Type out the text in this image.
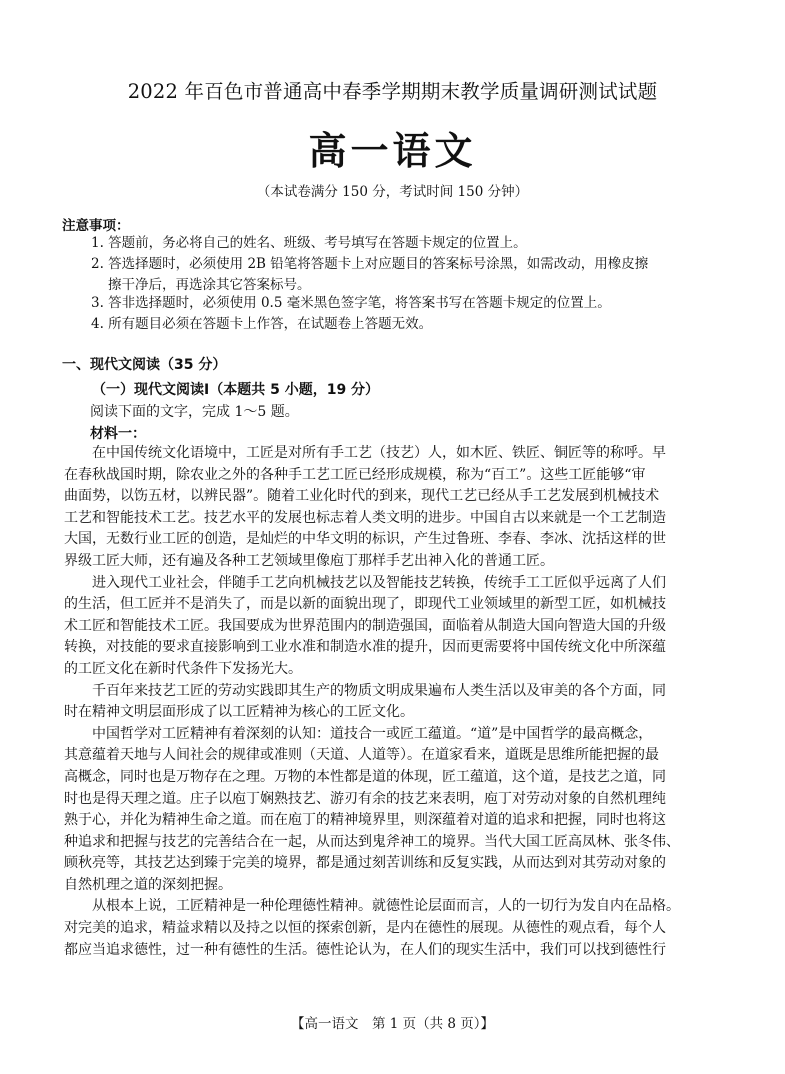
2022 年百色市普通高中春季学期期末教学质量调研测试试题
高一语文
（本试卷满分 150 分，考试时间 150 分钟）
注意事项：
1. 答题前，务必将自己的姓名、班级、考号填写在答题卡规定的位置上。
2. 答选择题时，必须使用 2B 铅笔将答题卡上对应题目的答案标号涂黑，如需改动，用橡皮擦
擦干净后，再选涂其它答案标号。
3. 答非选择题时，必须使用 0.5 毫米黑色签字笔，将答案书写在答题卡规定的位置上。
4. 所有题目必须在答题卡上作答，在试题卷上答题无效。
一、现代文阅读（35 分）
（一）现代文阅读Ⅰ（本题共 5 小题，19 分）
阅读下面的文字，完成 1～5 题。
材料一：

在中国传统文化语境中，工匠是对所有手工艺（技艺）人，如木匠、铁匠、铜匠等的称呼。早
在春秋战国时期，除农业之外的各种手工艺工匠已经形成规模，称为“百工”。这些工匠能够“审
曲面势，以饬五材，以辨民器”。随着工业化时代的到来，现代工艺已经从手工艺发展到机械技术
工艺和智能技术工艺。技艺水平的发展也标志着人类文明的进步。中国自古以来就是一个工艺制造
大国，无数行业工匠的创造，是灿烂的中华文明的标识，产生过鲁班、李春、李冰、沈括这样的世
界级工匠大师，还有遍及各种工艺领域里像庖丁那样手艺出神入化的普通工匠。

进入现代工业社会，伴随手工艺向机械技艺以及智能技艺转换，传统手工工匠似乎远离了人们
的生活，但工匠并不是消失了，而是以新的面貌出现了，即现代工业领域里的新型工匠，如机械技
术工匠和智能技术工匠。我国要成为世界范围内的制造强国，面临着从制造大国向智造大国的升级
转换，对技能的要求直接影响到工业水准和制造水准的提升，因而更需要将中国传统文化中所深蕴
的工匠文化在新时代条件下发扬光大。

千百年来技艺工匠的劳动实践即其生产的物质文明成果遍布人类生活以及审美的各个方面，同
时在精神文明层面形成了以工匠精神为核心的工匠文化。

中国哲学对工匠精神有着深刻的认知：道技合一或匠工蕴道。“道”是中国哲学的最高概念，
其意蕴着天地与人间社会的规律或准则（天道、人道等）。在道家看来，道既是思维所能把握的最
高概念，同时也是万物存在之理。万物的本性都是道的体现，匠工蕴道，这个道，是技艺之道，同
时也是得天理之道。庄子以庖丁娴熟技艺、游刃有余的技艺来表明，庖丁对劳动对象的自然机理纯
熟于心，并化为精神生命之道。而在庖丁的精神境界里，则深蕴着对道的追求和把握，同时也将这
种追求和把握与技艺的完善结合在一起，从而达到鬼斧神工的境界。当代大国工匠高凤林、张冬伟、
顾秋亮等，其技艺达到臻于完美的境界，都是通过刻苦训练和反复实践，从而达到对其劳动对象的
自然机理之道的深刻把握。

从根本上说，工匠精神是一种伦理德性精神。就德性论层面而言，人的一切行为发自内在品格。
对完美的追求，精益求精以及持之以恒的探索创新，是内在德性的展现。从德性的观点看，每个人
都应当追求德性，过一种有德性的生活。德性论认为，在人们的现实生活中，我们可以找到德性行

【高一语文　第 1 页（共 8 页）】
